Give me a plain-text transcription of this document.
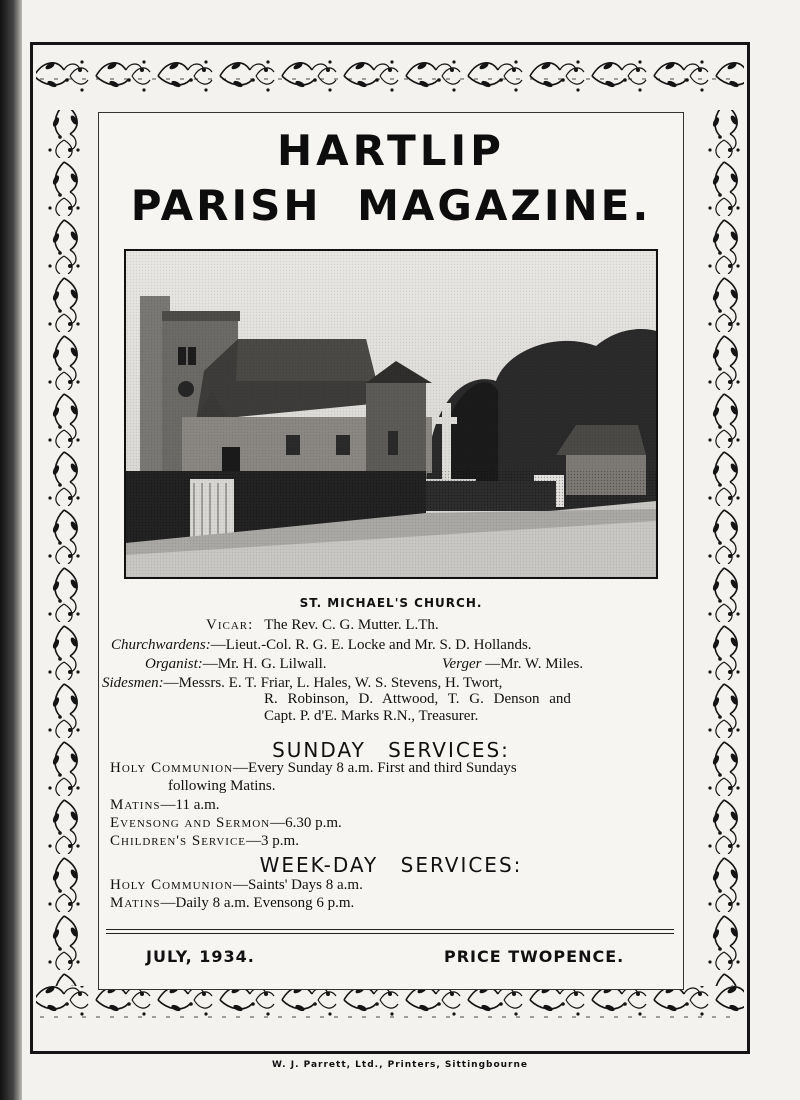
HARTLIP
PARISH MAGAZINE.
ST. MICHAEL'S CHURCH.
Vicar: The Rev. C. G. Mutter. L.Th.
Churchwardens:—Lieut.-Col. R. G. E. Locke and Mr. S. D. Hollands.
Organist:—Mr. H. G. Lilwall.	Verger —Mr. W. Miles.
Sidesmen:—Messrs. E. T. Friar, L. Hales, W. S. Stevens, H. Twort,
R. Robinson, D. Attwood, T. G. Denson and
Capt. P. d'E. Marks R.N., Treasurer.
SUNDAY SERVICES:
Holy Communion—Every Sunday 8 a.m. First and third Sundays
following Matins.
Matins—11 a.m.
Evensong and Sermon—6.30 p.m.
Children's Service—3 p.m.
WEEK-DAY SERVICES:
Holy Communion—Saints' Days 8 a.m.
Matins—Daily 8 a.m. Evensong 6 p.m.
JULY, 1934.	PRICE TWOPENCE.
W. J. Parrett, Ltd., Printers, Sittingbourne
